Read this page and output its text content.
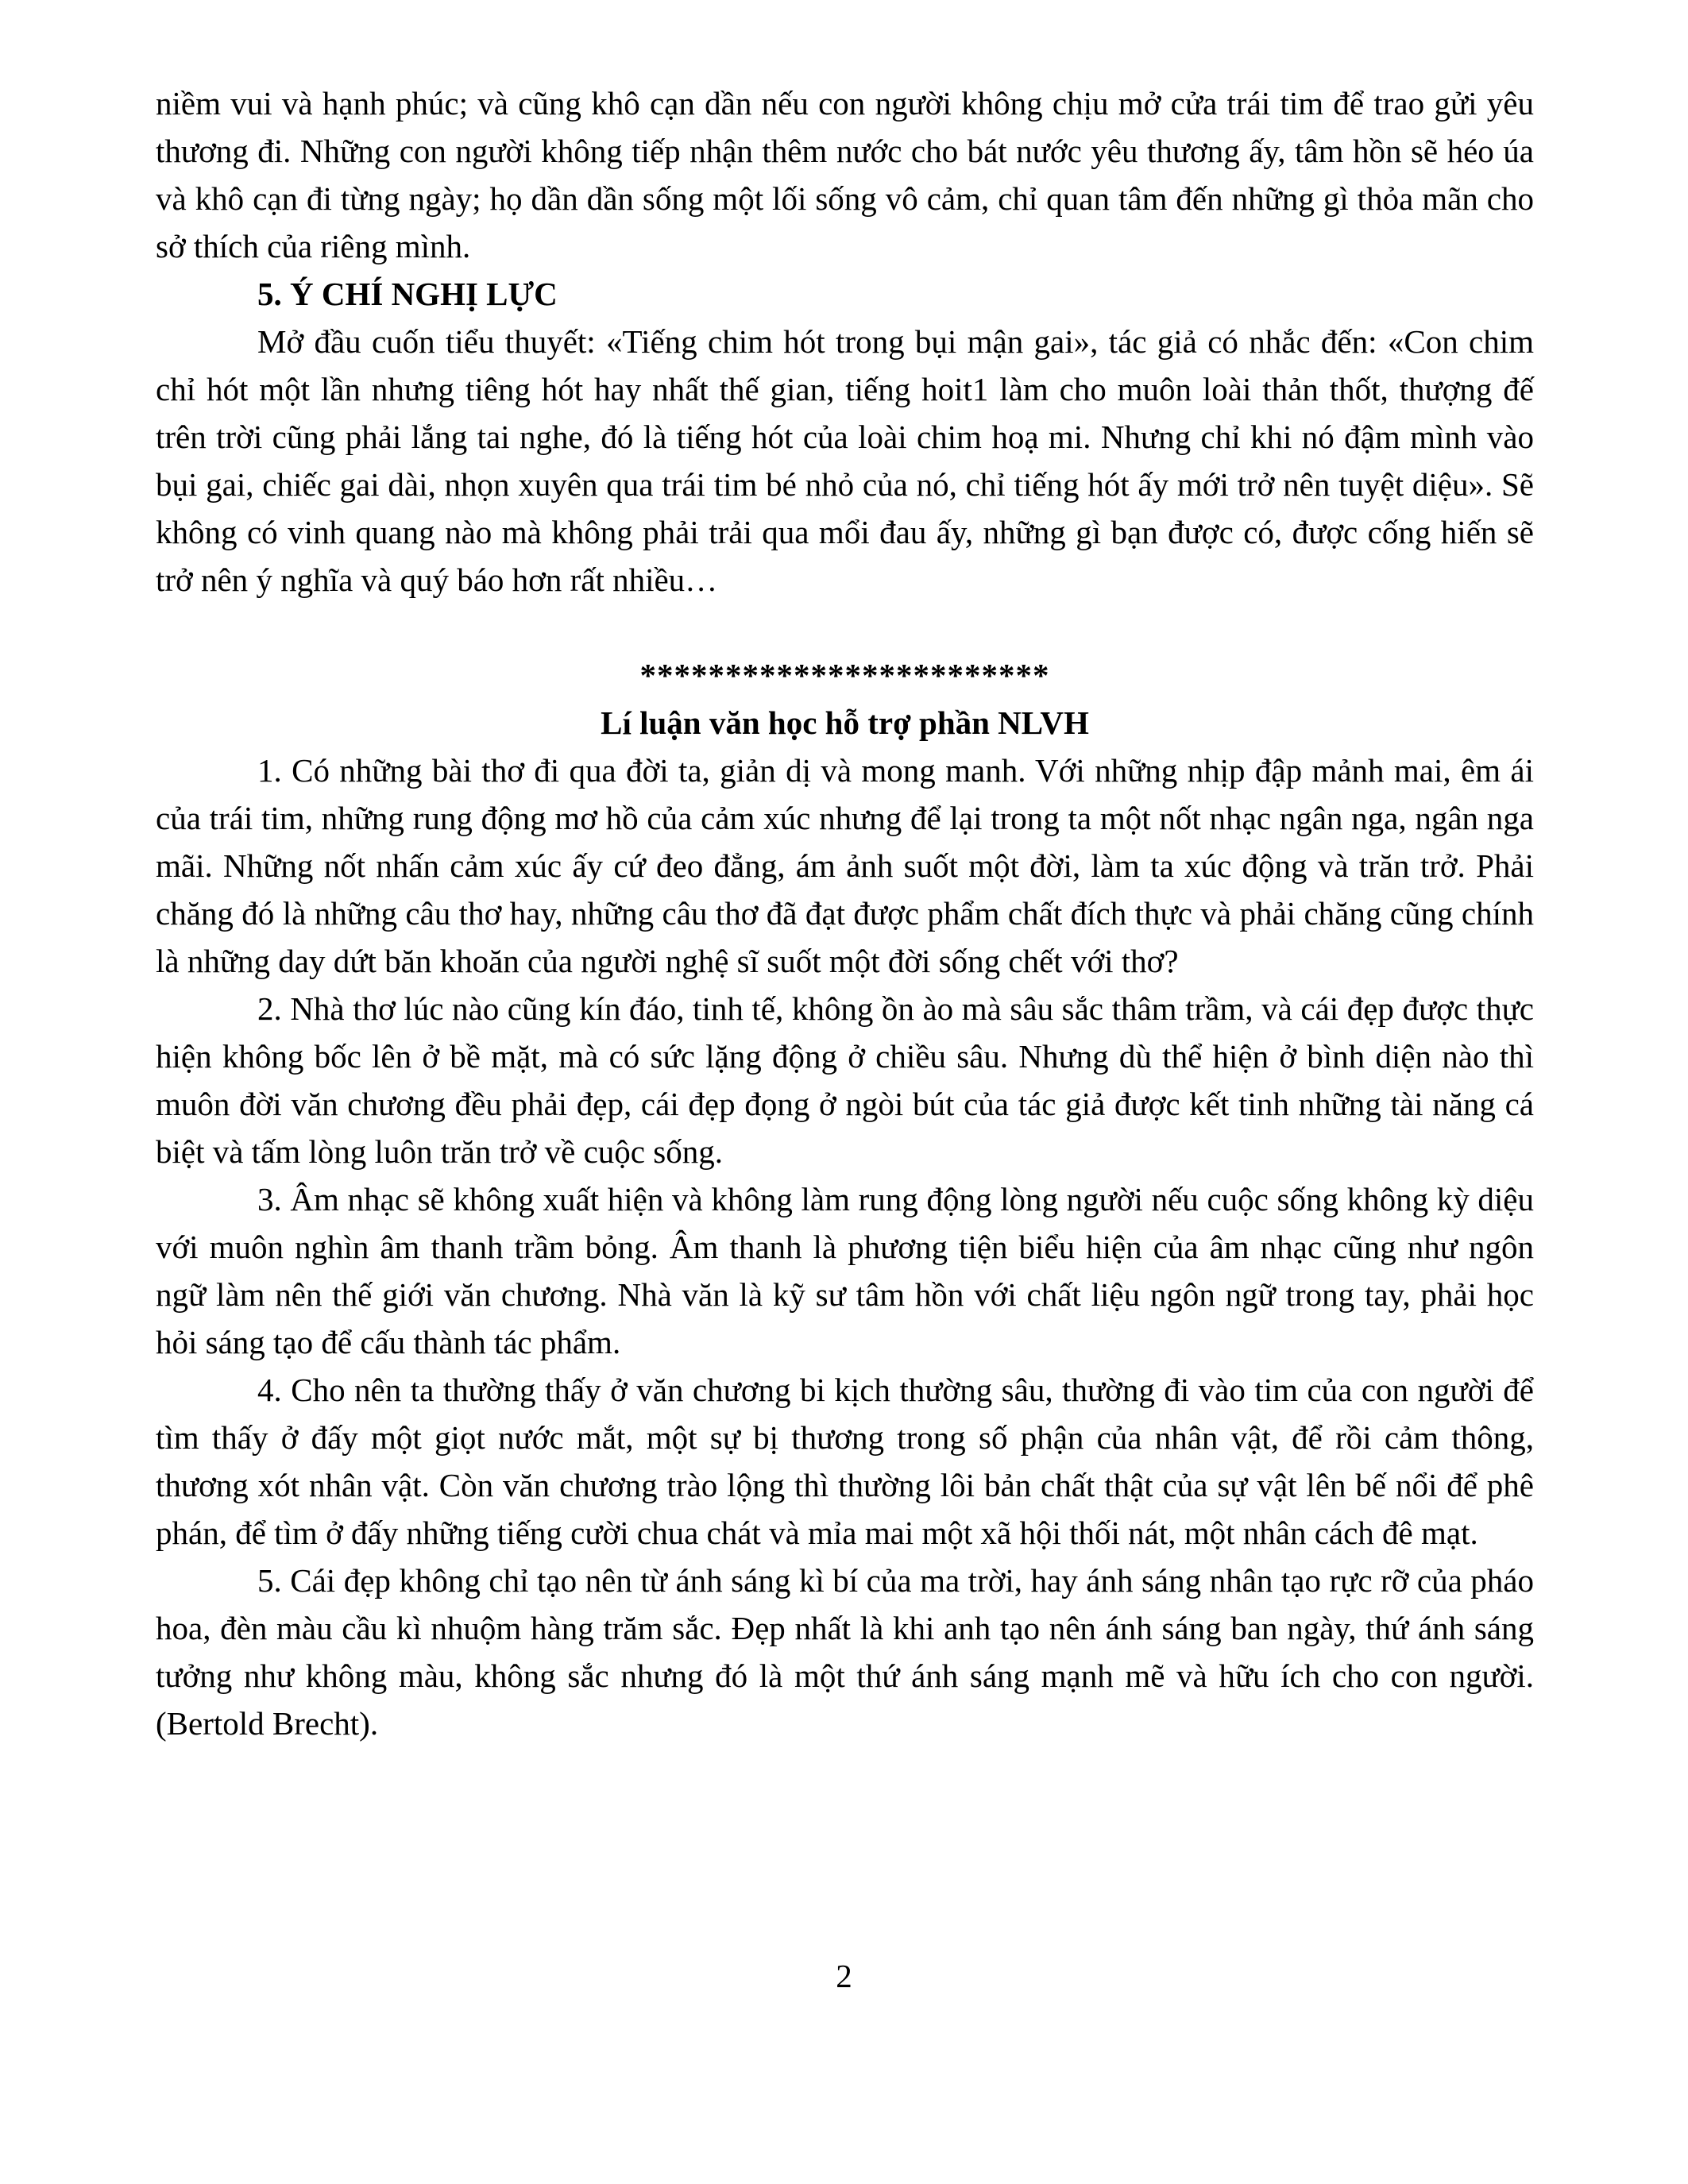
niềm vui và hạnh phúc; và cũng khô cạn dần nếu con người không chịu mở cửa trái tim để trao gửi yêu thương đi. Những con người không tiếp nhận thêm nước cho bát nước yêu thương ấy, tâm hồn sẽ héo úa và khô cạn đi từng ngày; họ dần dần sống một lối sống vô cảm, chỉ quan tâm đến những gì thỏa mãn cho sở thích của riêng mình.

5. Ý CHÍ NGHỊ LỰC

Mở đầu cuốn tiểu thuyết: «Tiếng chim hót trong bụi mận gai», tác giả có nhắc đến: «Con chim chỉ hót một lần nhưng tiêng hót hay nhất thế gian, tiếng hoit1 làm cho muôn loài thản thốt, thượng đế trên trời cũng phải lắng tai nghe, đó là tiếng hót của loài chim hoạ mi. Nhưng chỉ khi nó đậm mình vào bụi gai, chiếc gai dài, nhọn xuyên qua trái tim bé nhỏ của nó, chỉ tiếng hót ấy mới trở nên tuyệt diệu». Sẽ không có vinh quang nào mà không phải trải qua mổi đau ấy, những gì bạn được có, được cống hiến sẽ trở nên ý nghĩa và quý báo hơn rất nhiều…

************************

Lí luận văn học hỗ trợ phần NLVH

1. Có những bài thơ đi qua đời ta, giản dị và mong manh. Với những nhịp đập mảnh mai, êm ái của trái tim, những rung động mơ hồ của cảm xúc nhưng để lại trong ta một nốt nhạc ngân nga, ngân nga mãi. Những nốt nhấn cảm xúc ấy cứ đeo đẳng, ám ảnh suốt một đời, làm ta xúc động và trăn trở. Phải chăng đó là những câu thơ hay, những câu thơ đã đạt được phẩm chất đích thực và phải chăng cũng chính là những day dứt băn khoăn của người nghệ sĩ suốt một đời sống chết với thơ?

2. Nhà thơ lúc nào cũng kín đáo, tinh tế, không ồn ào mà sâu sắc thâm trầm, và cái đẹp được thực hiện không bốc lên ở bề mặt, mà có sức lặng động ở chiều sâu. Nhưng dù thể hiện ở bình diện nào thì muôn đời văn chương đều phải đẹp, cái đẹp đọng ở ngòi bút của tác giả được kết tinh những tài năng cá biệt và tấm lòng luôn trăn trở về cuộc sống.

3. Âm nhạc sẽ không xuất hiện và không làm rung động lòng người nếu cuộc sống không kỳ diệu với muôn nghìn âm thanh trầm bỏng. Âm thanh là phương tiện biểu hiện của âm nhạc cũng như ngôn ngữ làm nên thế giới văn chương. Nhà văn là kỹ sư tâm hồn với chất liệu ngôn ngữ trong tay, phải học hỏi sáng tạo để cấu thành tác phẩm.

4. Cho nên ta thường thấy ở văn chương bi kịch thường sâu, thường đi vào tim của con người để tìm thấy ở đấy một giọt nước mắt, một sự bị thương trong số phận của nhân vật, để rồi cảm thông, thương xót nhân vật. Còn văn chương trào lộng thì thường lôi bản chất thật của sự vật lên bế nổi để phê phán, để tìm ở đấy những tiếng cười chua chát và mỉa mai một xã hội thối nát, một nhân cách đê mạt.

5. Cái đẹp không chỉ tạo nên từ ánh sáng kì bí của ma trời, hay ánh sáng nhân tạo rực rỡ của pháo hoa, đèn màu cầu kì nhuộm hàng trăm sắc. Đẹp nhất là khi anh tạo nên ánh sáng ban ngày, thứ ánh sáng tưởng như không màu, không sắc nhưng đó là một thứ ánh sáng mạnh mẽ và hữu ích cho con người. (Bertold Brecht).

2
